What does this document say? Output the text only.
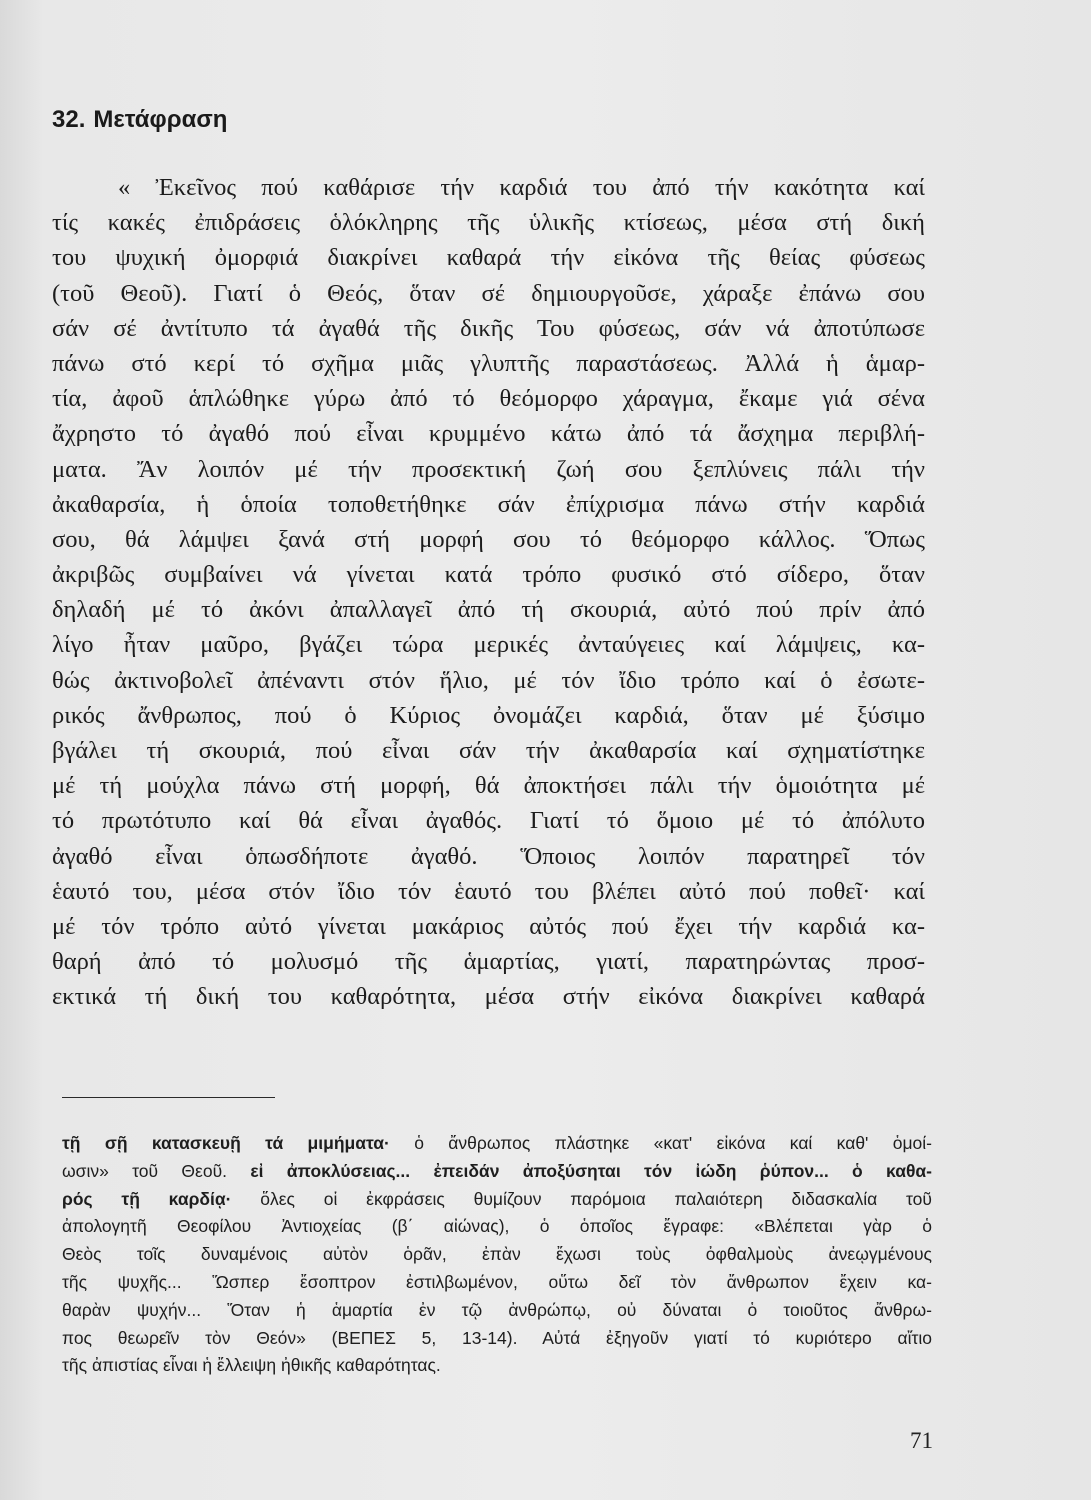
32. Μετάφραση
« Ἐκεῖνος πού καθάρισε τήν καρδιά του ἀπό τήν κακότητα καί
τίς κακές ἐπιδράσεις ὁλόκληρης τῆς ὑλικῆς κτίσεως, μέσα στή δική
του ψυχική ὀμορφιά διακρίνει καθαρά τήν εἰκόνα τῆς θείας φύσεως
(τοῦ Θεοῦ). Γιατί ὁ Θεός, ὅταν σέ δημιουργοῦσε, χάραξε ἐπάνω σου
σάν σέ ἀντίτυπο τά ἀγαθά τῆς δικῆς Του φύσεως, σάν νά ἀποτύπωσε
πάνω στό κερί τό σχῆμα μιᾶς γλυπτῆς παραστάσεως. Ἀλλά ἡ ἁμαρ-
τία, ἀφοῦ ἁπλώθηκε γύρω ἀπό τό θεόμορφο χάραγμα, ἔκαμε γιά σένα
ἄχρηστο τό ἀγαθό πού εἶναι κρυμμένο κάτω ἀπό τά ἄσχημα περιβλή-
ματα. Ἄν λοιπόν μέ τήν προσεκτική ζωή σου ξεπλύνεις πάλι τήν
ἀκαθαρσία, ἡ ὁποία τοποθετήθηκε σάν ἐπίχρισμα πάνω στήν καρδιά
σου, θά λάμψει ξανά στή μορφή σου τό θεόμορφο κάλλος. Ὅπως
ἀκριβῶς συμβαίνει νά γίνεται κατά τρόπο φυσικό στό σίδερο, ὅταν
δηλαδή μέ τό ἀκόνι ἀπαλλαγεῖ ἀπό τή σκουριά, αὐτό πού πρίν ἀπό
λίγο ἦταν μαῦρο, βγάζει τώρα μερικές ἀνταύγειες καί λάμψεις, κα-
θώς ἀκτινοβολεῖ ἀπέναντι στόν ἥλιο, μέ τόν ἴδιο τρόπο καί ὁ ἐσωτε-
ρικός ἄνθρωπος, πού ὁ Κύριος ὀνομάζει καρδιά, ὅταν μέ ξύσιμο
βγάλει τή σκουριά, πού εἶναι σάν τήν ἀκαθαρσία καί σχηματίστηκε
μέ τή μούχλα πάνω στή μορφή, θά ἀποκτήσει πάλι τήν ὁμοιότητα μέ
τό πρωτότυπο καί θά εἶναι ἀγαθός. Γιατί τό ὅμοιο μέ τό ἀπόλυτο
ἀγαθό εἶναι ὁπωσδήποτε ἀγαθό. Ὅποιος λοιπόν παρατηρεῖ τόν
ἑαυτό του, μέσα στόν ἴδιο τόν ἑαυτό του βλέπει αὐτό πού ποθεῖ· καί
μέ τόν τρόπο αὐτό γίνεται μακάριος αὐτός πού ἔχει τήν καρδιά κα-
θαρή ἀπό τό μολυσμό τῆς ἁμαρτίας, γιατί, παρατηρώντας προσ-
εκτικά τή δική του καθαρότητα, μέσα στήν εἰκόνα διακρίνει καθαρά
τῇ σῇ κατασκευῇ τά μιμήματα· ὁ ἄνθρωπος πλάστηκε «κατ' εἰκόνα καί καθ' ὁμοί-
ωσιν» τοῦ Θεοῦ. εἰ ἀποκλύσειας... ἐπειδάν ἀποξύσηται τόν ἰώδη ῥύπον... ὁ καθα-
ρός τῇ καρδίᾳ· ὅλες οἱ ἐκφράσεις θυμίζουν παρόμοια παλαιότερη διδασκαλία τοῦ
ἀπολογητῆ Θεοφίλου Ἀντιοχείας (β΄ αἰώνας), ὁ ὁποῖος ἔγραφε: «Βλέπεται γὰρ ὁ
Θεὸς τοῖς δυναμένοις αὐτὸν ὁρᾶν, ἐπὰν ἔχωσι τοὺς ὀφθαλμοὺς ἀνεῳγμένους
τῆς ψυχῆς... Ὥσπερ ἔσοπτρον ἐστιλβωμένον, οὕτω δεῖ τὸν ἄνθρωπον ἔχειν κα-
θαρὰν ψυχήν... Ὅταν ἡ ἁμαρτία ἐν τῷ ἀνθρώπῳ, οὐ δύναται ὁ τοιοῦτος ἄνθρω-
πος θεωρεῖν τὸν Θεόν» (ΒΕΠΕΣ 5, 13-14). Αὐτά ἐξηγοῦν γιατί τό κυριότερο αἴτιο
τῆς ἀπιστίας εἶναι ἡ ἔλλειψη ἠθικῆς καθαρότητας.
71
